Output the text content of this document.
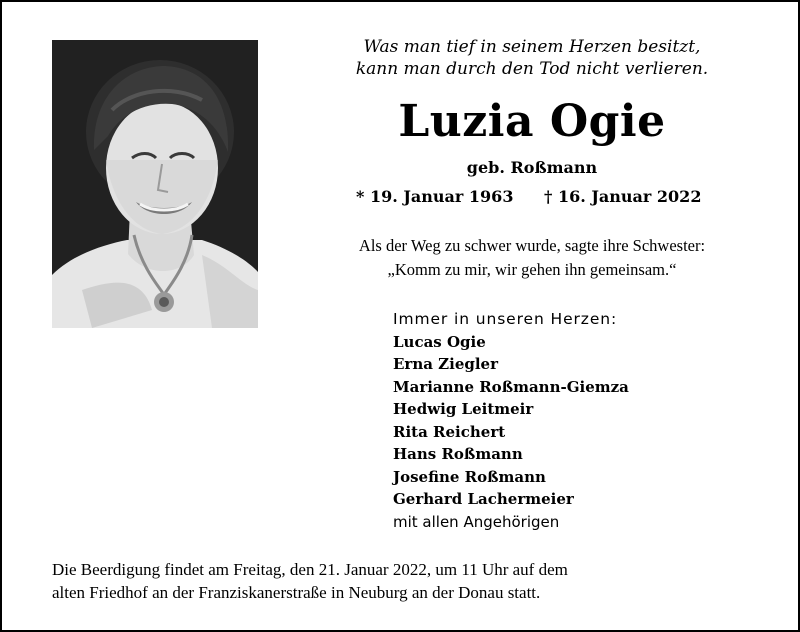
Was man tief in seinem Herzen besitzt,
kann man durch den Tod nicht verlieren.
Luzia Ogie
geb. Roßmann
* 19. Januar 1963 † 16. Januar 2022
Als der Weg zu schwer wurde, sagte ihre Schwester:
„Komm zu mir, wir gehen ihn gemeinsam.“
Immer in unseren Herzen:
Lucas Ogie
Erna Ziegler
Marianne Roßmann-Giemza
Hedwig Leitmeir
Rita Reichert
Hans Roßmann
Josefine Roßmann
Gerhard Lachermeier
mit allen Angehörigen
Die Beerdigung findet am Freitag, den 21. Januar 2022, um 11 Uhr auf dem
alten Friedhof an der Franziskanerstraße in Neuburg an der Donau statt.
